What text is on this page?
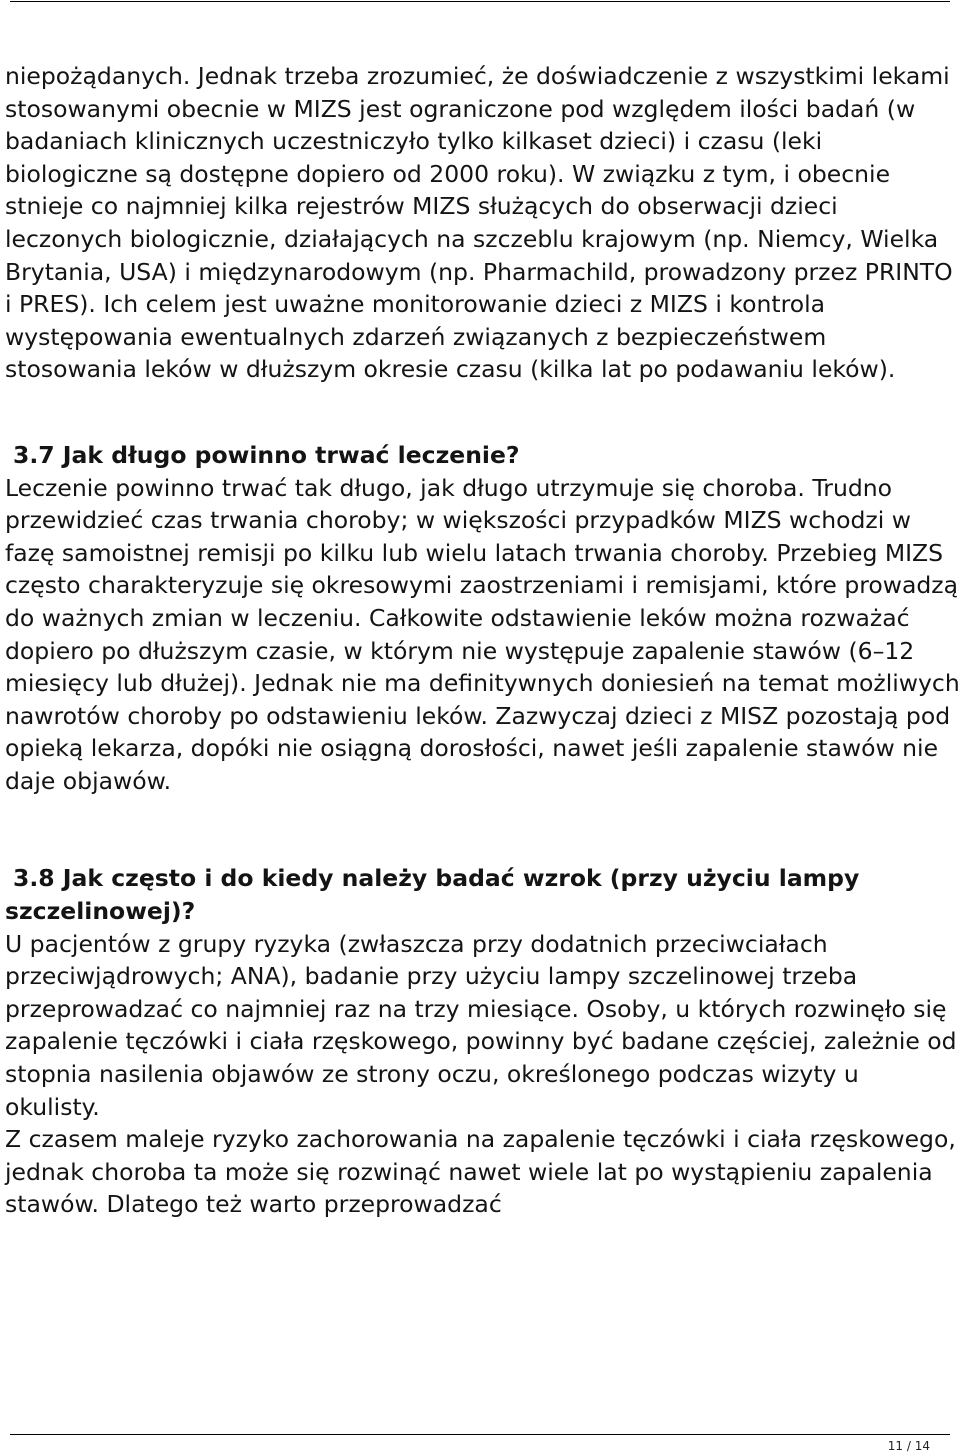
niepożądanych. Jednak trzeba zrozumieć, że doświadczenie z wszystkimi lekami stosowanymi obecnie w MIZS jest ograniczone pod względem ilości badań (w badaniach klinicznych uczestniczyło tylko kilkaset dzieci) i czasu (leki biologiczne są dostępne dopiero od 2000 roku). W związku z tym, i obecnie stnieje co najmniej kilka rejestrów MIZS służących do obserwacji dzieci leczonych biologicznie, działających na szczeblu krajowym (np. Niemcy, Wielka Brytania, USA) i międzynarodowym (np. Pharmachild, prowadzony przez PRINTO i PRES). Ich celem jest uważne monitorowanie dzieci z MIZS i kontrola występowania ewentualnych zdarzeń związanych z bezpieczeństwem stosowania leków w dłuższym okresie czasu (kilka lat po podawaniu leków).

3.7 Jak długo powinno trwać leczenie?

Leczenie powinno trwać tak długo, jak długo utrzymuje się choroba. Trudno przewidzieć czas trwania choroby; w większości przypadków MIZS wchodzi w fazę samoistnej remisji po kilku lub wielu latach trwania choroby. Przebieg MIZS często charakteryzuje się okresowymi zaostrzeniami i remisjami, które prowadzą do ważnych zmian w leczeniu. Całkowite odstawienie leków można rozważać dopiero po dłuższym czasie, w którym nie występuje zapalenie stawów (6–12 miesięcy lub dłużej). Jednak nie ma definitywnych doniesień na temat możliwych nawrotów choroby po odstawieniu leków. Zazwyczaj dzieci z MISZ pozostają pod opieką lekarza, dopóki nie osiągną dorosłości, nawet jeśli zapalenie stawów nie daje objawów.

3.8 Jak często i do kiedy należy badać wzrok (przy użyciu lampy szczelinowej)?

U pacjentów z grupy ryzyka (zwłaszcza przy dodatnich przeciwciałach przeciwjądrowych; ANA), badanie przy użyciu lampy szczelinowej trzeba przeprowadzać co najmniej raz na trzy miesiące. Osoby, u których rozwinęło się zapalenie tęczówki i ciała rzęskowego, powinny być badane częściej, zależnie od stopnia nasilenia objawów ze strony oczu, określonego podczas wizyty u okulisty.

Z czasem maleje ryzyko zachorowania na zapalenie tęczówki i ciała rzęskowego, jednak choroba ta może się rozwinąć nawet wiele lat po wystąpieniu zapalenia stawów. Dlatego też warto przeprowadzać

11 / 14
